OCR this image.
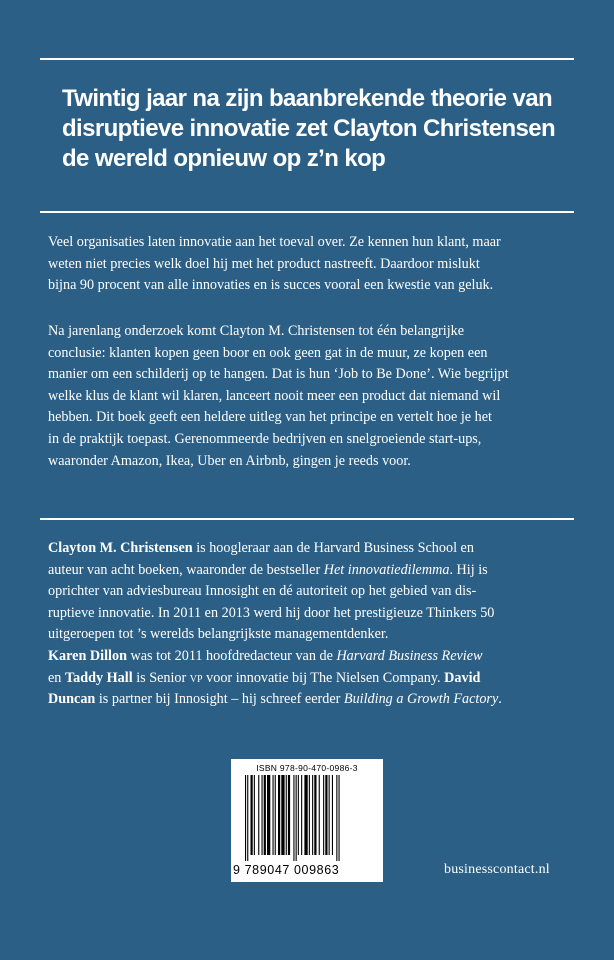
Twintig jaar na zijn baanbrekende theorie van
disruptieve innovatie zet Clayton Christensen
de wereld opnieuw op z’n kop
Veel organisaties laten innovatie aan het toeval over. Ze kennen hun klant, maar
weten niet precies welk doel hij met het product nastreeft. Daardoor mislukt
bijna 90 procent van alle innovaties en is succes vooral een kwestie van geluk.
Na jarenlang onderzoek komt Clayton M. Christensen tot één belangrijke
conclusie: klanten kopen geen boor en ook geen gat in de muur, ze kopen een
manier om een schilderij op te hangen. Dat is hun ‘Job to Be Done’. Wie begrijpt
welke klus de klant wil klaren, lanceert nooit meer een product dat niemand wil
hebben. Dit boek geeft een heldere uitleg van het principe en vertelt hoe je het
in de praktijk toepast. Gerenommeerde bedrijven en snelgroeiende start-ups,
waaronder Amazon, Ikea, Uber en Airbnb, gingen je reeds voor.
Clayton M. Christensen is hoogleraar aan de Harvard Business School en
auteur van acht boeken, waaronder de bestseller Het innovatiedilemma. Hij is
oprichter van adviesbureau Innosight en dé autoriteit op het gebied van dis-
ruptieve innovatie. In 2011 en 2013 werd hij door het prestigieuze Thinkers 50
uitgeroepen tot ’s werelds belangrijkste managementdenker.
Karen Dillon was tot 2011 hoofdredacteur van de Harvard Business Review
en Taddy Hall is Senior vp voor innovatie bij The Nielsen Company. David
Duncan is partner bij Innosight – hij schreef eerder Building a Growth Factory.
ISBN 978-90-470-0986-3
9 789047 009863	businesscontact.nl
